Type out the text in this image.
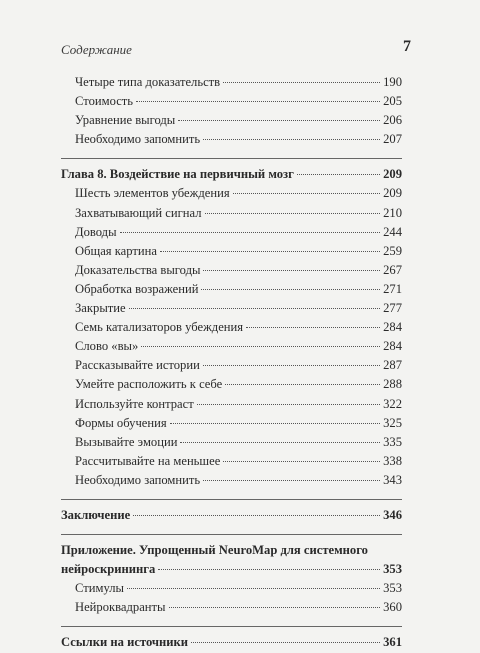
Содержание	7
Четыре типа доказательств	190
Стоимость	205
Уравнение выгоды	206
Необходимо запомнить	207
Глава 8. Воздействие на первичный мозг	209
Шесть элементов убеждения	209
Захватывающий сигнал	210
Доводы	244
Общая картина	259
Доказательства выгоды	267
Обработка возражений	271
Закрытие	277
Семь катализаторов убеждения	284
Слово «вы»	284
Рассказывайте истории	287
Умейте расположить к себе	288
Используйте контраст	322
Формы обучения	325
Вызывайте эмоции	335
Рассчитывайте на меньшее	338
Необходимо запомнить	343
Заключение	346
Приложение. Упрощенный NeuroMap для системного
нейроскрининга	353
Стимулы	353
Нейроквадранты	360
Ссылки на источники	361
